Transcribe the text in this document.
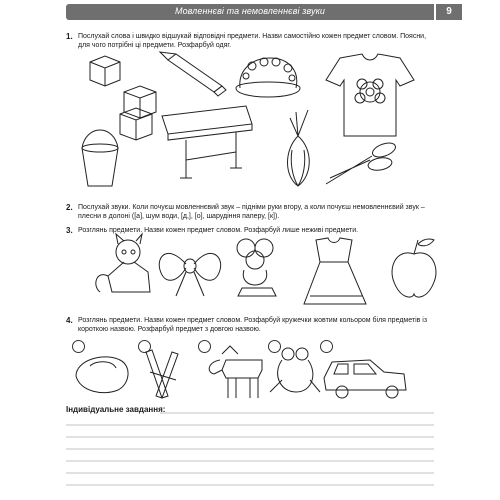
Мовленнєві та немовленнєві звуки	9
1. Послухай слова і швидко відшукай відповідні предмети. Назви самостійно кожен предмет словом. Поясни, для чого потрібні ці предмети. Розфарбуй одяг.
2. Послухай звуки. Коли почуєш мовленнєвий звук – підніми руки вгору, а коли почуєш немовленнєвий звук – плесни в долоні ([а], шум води, [д,], [о], шарудіння паперу, [к]).
3. Розглянь предмети. Назви кожен предмет словом. Розфарбуй лише неживі предмети.
4. Розглянь предмети. Назви кожен предмет словом. Розфарбуй кружечки жовтим кольором біля предметів із короткою назвою. Розфарбуй предмет з довгою назвою.
Індивідуальне завдання:
